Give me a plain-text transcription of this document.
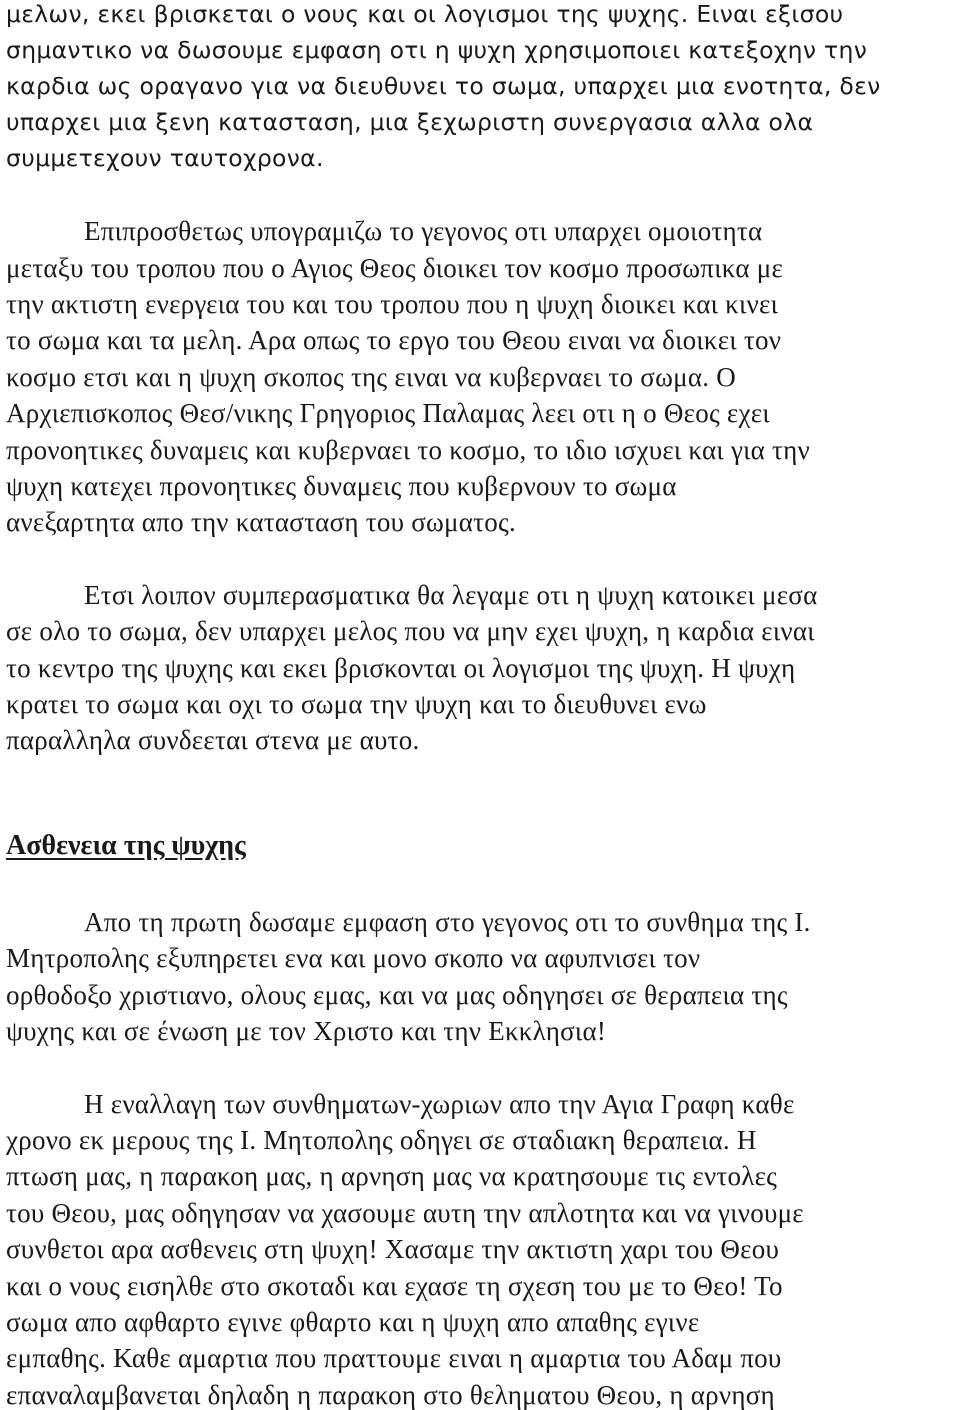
μελων, εκει βρισκεται ο νους και οι λογισμοι της ψυχης. Ειναι εξισου
σημαντικο να δωσουμε εμφαση οτι η ψυχη χρησιμοποιει κατεξοχην την
καρδια ως οραγανο για να διευθυνει το σωμα, υπαρχει μια ενοτητα, δεν
υπαρχει μια ξενη κατασταση, μια ξεχωριστη συνεργασια αλλα ολα
συμμετεχουν ταυτοχρονα.
Επιπροσθετως υπογραμιζω το γεγονος οτι υπαρχει ομοιοτητα
μεταξυ του τροπου που ο Αγιος Θεος διοικει τον κοσμο προσωπικα με
την ακτιστη ενεργεια του και του τροπου που η ψυχη διοικει και κινει
το σωμα και τα μελη. Αρα οπως το εργο του Θεου ειναι να διοικει τον
κοσμο ετσι και η ψυχη σκοπος της ειναι να κυβερναει το σωμα. Ο
Αρχιεπισκοπος Θεσ/νικης Γρηγοριος Παλαμας λεει οτι η ο Θεος εχει
προνοητικες δυναμεις και κυβερναει το κοσμο, το ιδιο ισχυει και για την
ψυχη κατεχει προνοητικες δυναμεις που κυβερνουν το σωμα
ανεξαρτητα απο την κατασταση του σωματος.
Ετσι λοιπον συμπερασματικα θα λεγαμε οτι η ψυχη κατοικει μεσα
σε ολο το σωμα, δεν υπαρχει μελος που να μην εχει ψυχη, η καρδια ειναι
το κεντρο της ψυχης και εκει βρισκονται οι λογισμοι της ψυχη. Η ψυχη
κρατει το σωμα και οχι το σωμα την ψυχη και το διευθυνει ενω
παραλληλα συνδεεται στενα με αυτο.
Ασθενεια της ψυχης
Απο τη πρωτη δωσαμε εμφαση στο γεγονος οτι το συνθημα της Ι.
Μητροπολης εξυπηρετει ενα και μονο σκοπο να αφυπνισει τον
ορθοδοξο χριστιανο, ολους εμας, και να μας οδηγησει σε θεραπεια της
ψυχης και σε ένωση με τον Χριστο και την Εκκλησια!
Η εναλλαγη των συνθηματων-χωριων απο την Αγια Γραφη καθε
χρονο εκ μερους της Ι. Μητοπολης οδηγει σε σταδιακη θεραπεια. Η
πτωση μας, η παρακοη μας, η αρνηση μας να κρατησουμε τις εντολες
του Θεου, μας οδηγησαν να χασουμε αυτη την απλοτητα και να γινουμε
συνθετοι αρα ασθενεις στη ψυχη! Χασαμε την ακτιστη χαρι του Θεου
και ο νους εισηλθε στο σκοταδι και εχασε τη σχεση του με το Θεο! Το
σωμα απο αφθαρτο εγινε φθαρτο και η ψυχη απο απαθης εγινε
εμπαθης. Καθε αμαρτια που πραττουμε ειναι η αμαρτια του Αδαμ που
επαναλαμβανεται δηλαδη η παρακοη στο θεληματου Θεου, η αρνηση
